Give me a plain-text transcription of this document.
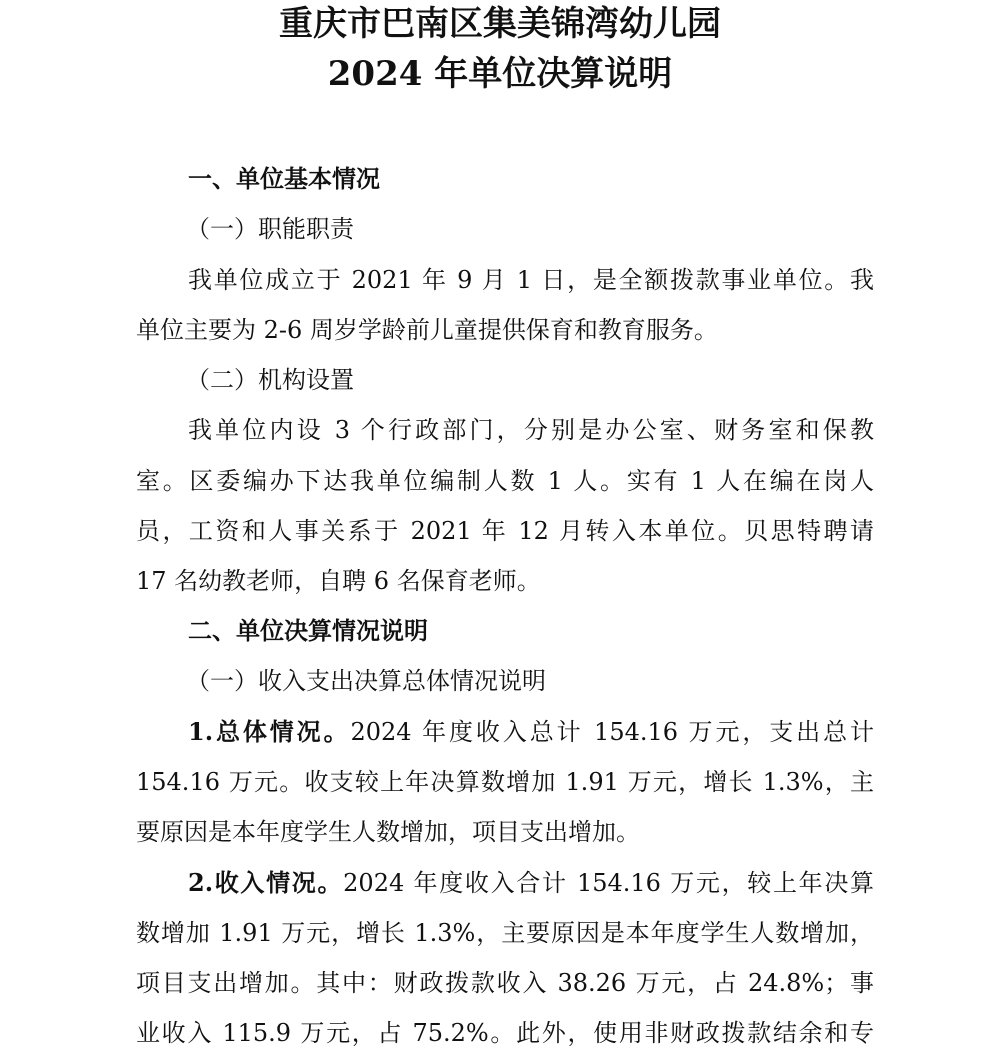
重庆市巴南区集美锦湾幼儿园
2024 年单位决算说明
一、单位基本情况
（一）职能职责
我单位成立于 2021 年 9 月 1 日，是全额拨款事业单位。我
单位主要为 2-6 周岁学龄前儿童提供保育和教育服务。
（二）机构设置
我单位内设 3 个行政部门，分别是办公室、财务室和保教
室。区委编办下达我单位编制人数 1 人。实有 1 人在编在岗人
员，工资和人事关系于 2021 年 12 月转入本单位。贝思特聘请
17 名幼教老师，自聘 6 名保育老师。
二、单位决算情况说明
（一）收入支出决算总体情况说明
1.总体情况。2024 年度收入总计 154.16 万元，支出总计
154.16 万元。收支较上年决算数增加 1.91 万元，增长 1.3%，主
要原因是本年度学生人数增加，项目支出增加。
2.收入情况。2024 年度收入合计 154.16 万元，较上年决算
数增加 1.91 万元，增长 1.3%，主要原因是本年度学生人数增加，
项目支出增加。其中：财政拨款收入 38.26 万元，占 24.8%；事
业收入 115.9 万元，占 75.2%。此外，使用非财政拨款结余和专
